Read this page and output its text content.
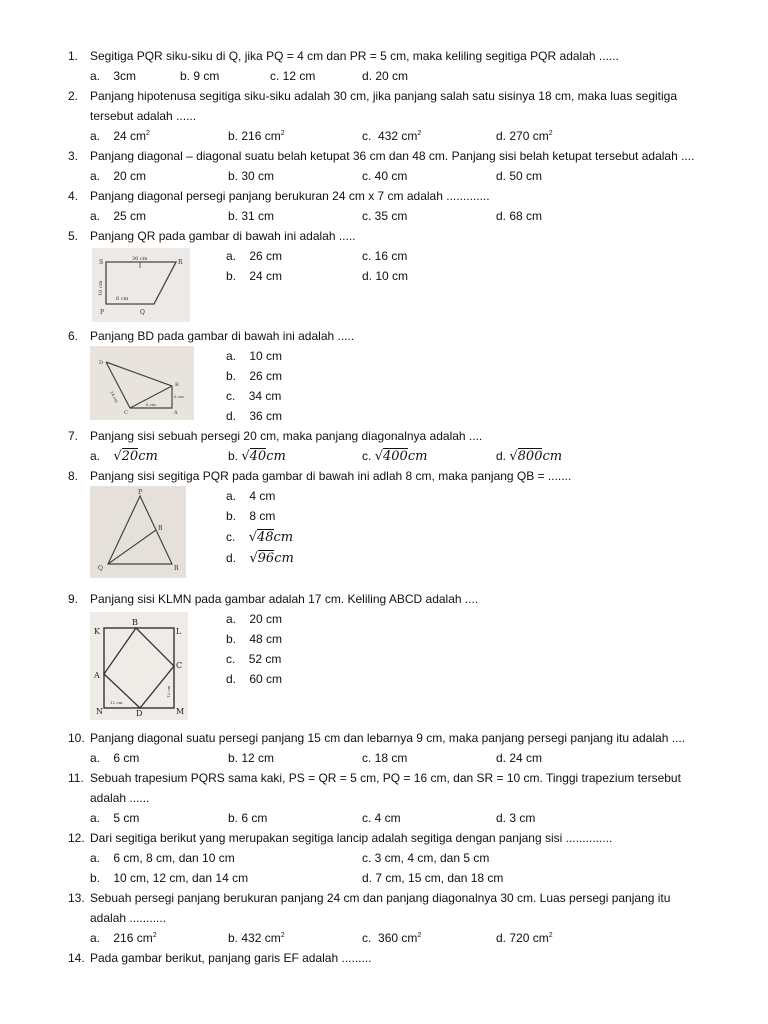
1. Segitiga PQR siku-siku di Q, jika PQ = 4 cm dan PR = 5 cm, maka keliling segitiga PQR adalah ......
a. 3cm	b. 9 cm	c. 12 cm	d. 20 cm
2. Panjang hipotenusa segitiga siku-siku adalah 30 cm, jika panjang salah satu sisinya 18 cm, maka luas segitiga
tersebut adalah ......
a. 24 $cm^2$	b. 216 $cm^2$	c. 432 $cm^2$	d. 270 $cm^2$
3. Panjang diagonal – diagonal suatu belah ketupat 36 cm dan 48 cm. Panjang sisi belah ketupat tersebut adalah ....
a. 20 cm	b. 30 cm	c. 40 cm	d. 50 cm
4. Panjang diagonal persegi panjang berukuran 24 cm x 7 cm adalah .............
a. 25 cm	b. 31 cm	c. 35 cm	d. 68 cm
5. Panjang QR pada gambar di bawah ini adalah .....
S	R
P	Q
30 cm
6 cm
10 cm
a. 26 cm	c. 16 cm
b. 24 cm	d. 10 cm
6. Panjang BD pada gambar di bawah ini adalah .....
D
B
C	A
24 cm
8 cm
6 cm
a. 10 cm
b. 26 cm
c. 34 cm
d. 36 cm
7. Panjang sisi sebuah persegi 20 cm, maka panjang diagonalnya adalah ....
a. √20cm	b. √40cm	c. √400cm	d. √800cm
8. Panjang sisi segitiga PQR pada gambar di bawah ini adlah 8 cm, maka panjang QB = .......
P
Q	R
B
a. 4 cm
b. 8 cm
c. √48cm
d. √96cm
9. Panjang sisi KLMN pada gambar adalah 17 cm. Keliling ABCD adalah ....
K
B
L
A
C
N	D	M
12 cm
12 cm
a. 20 cm
b. 48 cm
c. 52 cm
d. 60 cm
10. Panjang diagonal suatu persegi panjang 15 cm dan lebarnya 9 cm, maka panjang persegi panjang itu adalah ....
a. 6 cm	b. 12 cm	c. 18 cm	d. 24 cm
11. Sebuah trapesium PQRS sama kaki, PS = QR = 5 cm, PQ = 16 cm, dan SR = 10 cm. Tinggi trapezium tersebut
adalah ......
a. 5 cm	b. 6 cm	c. 4 cm	d. 3 cm
12. Dari segitiga berikut yang merupakan segitiga lancip adalah segitiga dengan panjang sisi ..............
a. 6 cm, 8 cm, dan 10 cm	c. 3 cm, 4 cm, dan 5 cm
b. 10 cm, 12 cm, dan 14 cm	d. 7 cm, 15 cm, dan 18 cm
13. Sebuah persegi panjang berukuran panjang 24 cm dan panjang diagonalnya 30 cm. Luas persegi panjang itu
adalah ...........
a. 216 $cm^2$	b. 432 $cm^2$	c. 360 $cm^2$	d. 720 $cm^2$
14. Pada gambar berikut, panjang garis EF adalah .........
